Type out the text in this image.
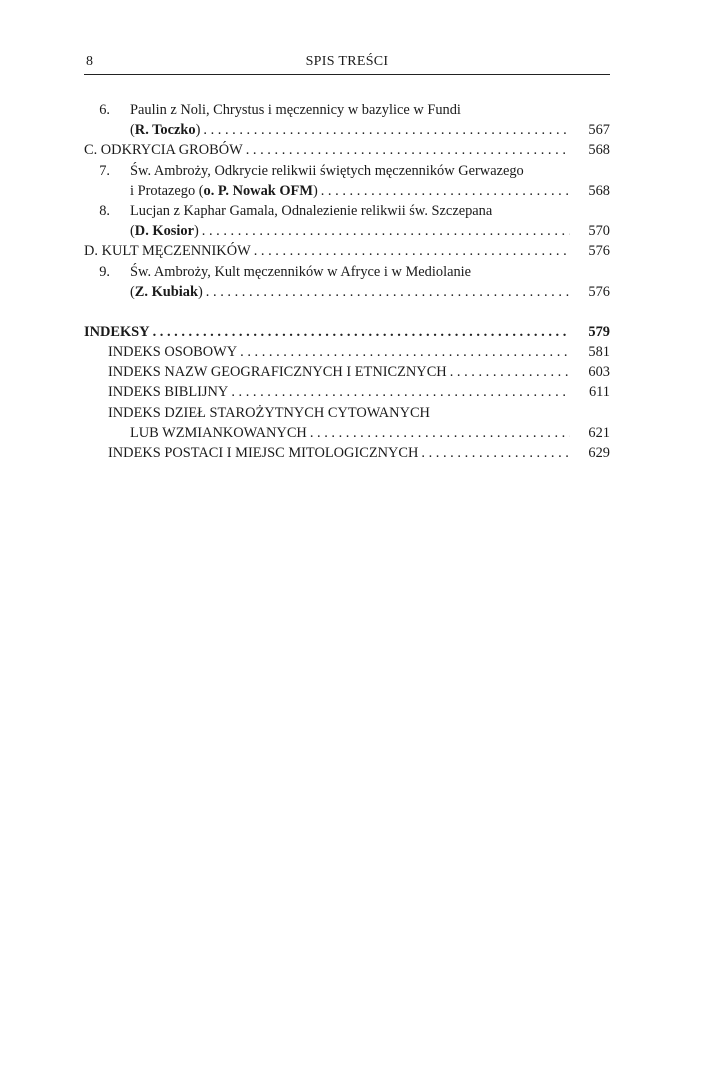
8	SPIS TREŚCI
6. Paulin z Noli, Chrystus i męczennicy w bazylice w Fundi
(R. Toczko) . . .	567
C. ODKRYCIA GROBÓW . . .	568
7. Św. Ambroży, Odkrycie relikwii świętych męczenników Gerwazego
i Protazego (o. P. Nowak OFM) . . .	568
8. Lucjan z Kaphar Gamala, Odnalezienie relikwii św. Szczepana
(D. Kosior) . . .	570
D. KULT MĘCZENNIKÓW . . .	576
9. Św. Ambroży, Kult męczenników w Afryce i w Mediolanie
(Z. Kubiak) . . .	576
INDEKSY . . .	579
INDEKS OSOBOWY . . .	581
INDEKS NAZW GEOGRAFICZNYCH I ETNICZNYCH . . .	603
INDEKS BIBLIJNY . . .	611
INDEKS DZIEŁ STAROŻYTNYCH CYTOWANYCH
LUB WZMIANKOWANYCH . . .	621
INDEKS POSTACI I MIEJSC MITOLOGICZNYCH . . .	629
